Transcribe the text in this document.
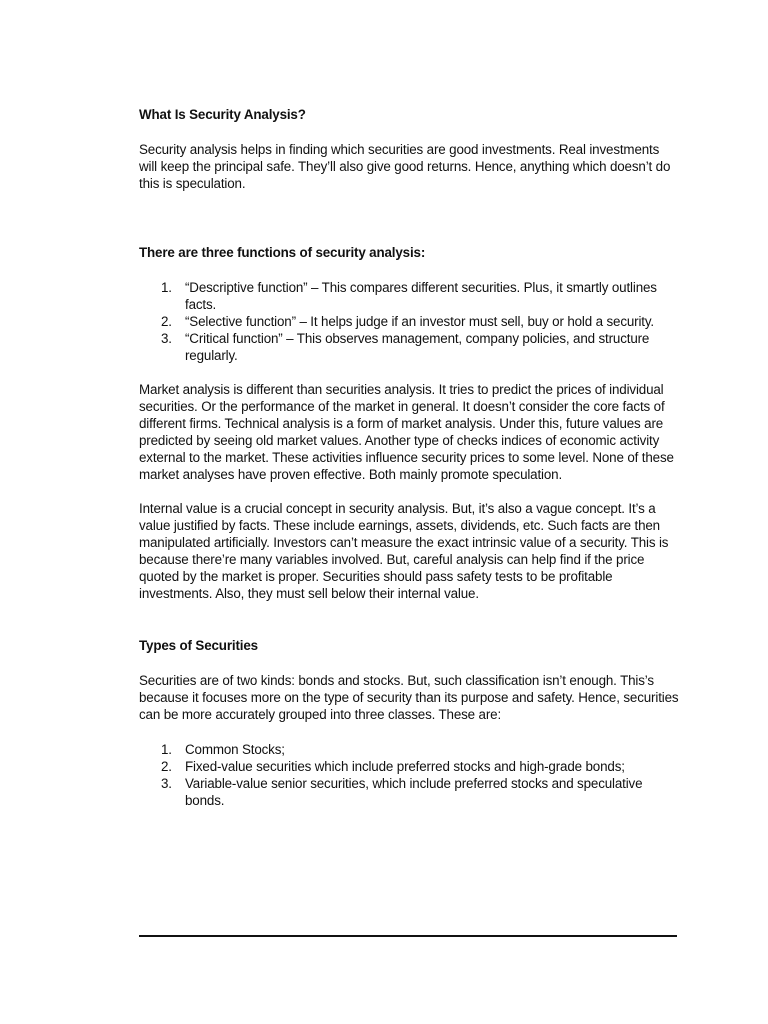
What Is Security Analysis?

Security analysis helps in finding which securities are good investments. Real investments will keep the principal safe. They’ll also give good returns. Hence, anything which doesn’t do this is speculation.

There are three functions of security analysis:
1. “Descriptive function” – This compares different securities. Plus, it smartly outlines facts.
2. “Selective function” – It helps judge if an investor must sell, buy or hold a security.
3. “Critical function” – This observes management, company policies, and structure regularly.

Market analysis is different than securities analysis. It tries to predict the prices of individual securities. Or the performance of the market in general. It doesn’t consider the core facts of different firms. Technical analysis is a form of market analysis. Under this, future values are predicted by seeing old market values. Another type of checks indices of economic activity external to the market. These activities influence security prices to some level. None of these market analyses have proven effective. Both mainly promote speculation.

Internal value is a crucial concept in security analysis. But, it’s also a vague concept. It’s a value justified by facts. These include earnings, assets, dividends, etc. Such facts are then manipulated artificially. Investors can’t measure the exact intrinsic value of a security. This is because there’re many variables involved. But, careful analysis can help find if the price quoted by the market is proper. Securities should pass safety tests to be profitable investments. Also, they must sell below their internal value.

Types of Securities

Securities are of two kinds: bonds and stocks. But, such classification isn’t enough. This’s because it focuses more on the type of security than its purpose and safety. Hence, securities can be more accurately grouped into three classes. These are:

1. Common Stocks;
2. Fixed-value securities which include preferred stocks and high-grade bonds;
3. Variable-value senior securities, which include preferred stocks and speculative bonds.
